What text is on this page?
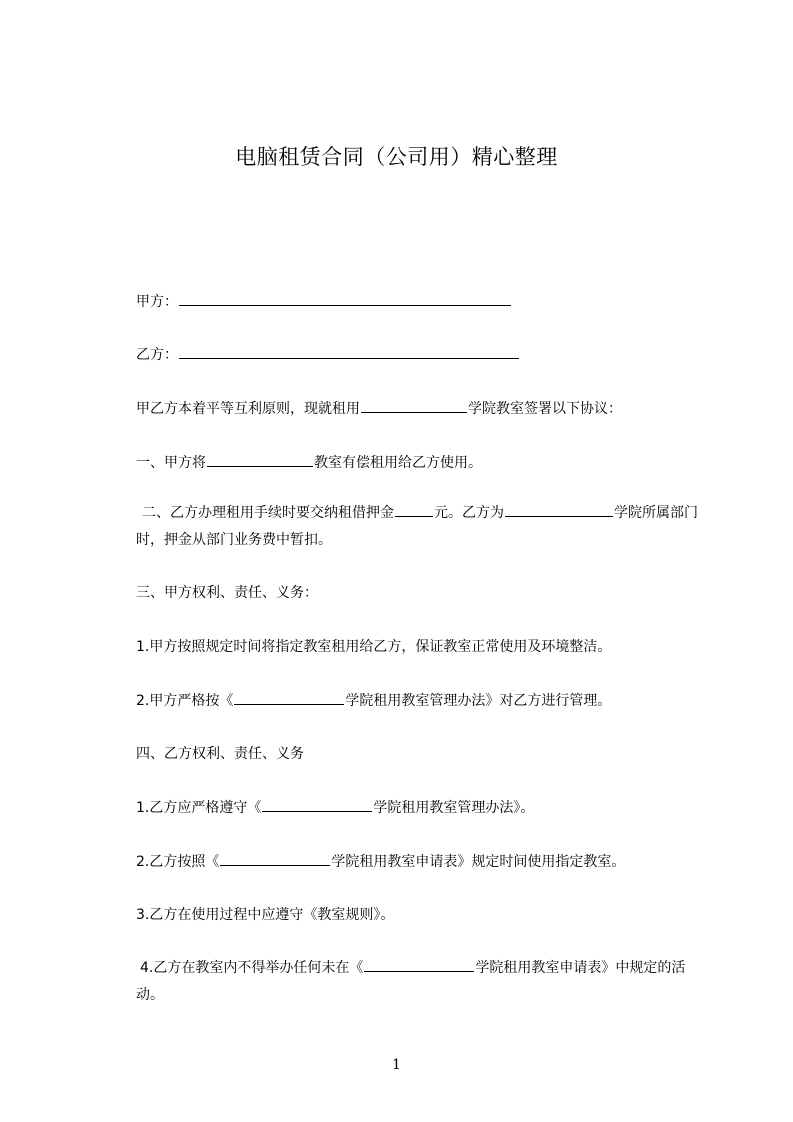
电脑租赁合同（公司用）精心整理
甲方：
乙方：
甲乙方本着平等互利原则，现就租用	学院教室签署以下协议：
一、甲方将	教室有偿租用给乙方使用。
二、乙方办理租用手续时要交纳租借押金	元。乙方为	学院所属部门时，押金从部门业务费中暂扣。
三、甲方权利、责任、义务：
1.甲方按照规定时间将指定教室租用给乙方，保证教室正常使用及环境整洁。
2.甲方严格按《	学院租用教室管理办法》对乙方进行管理。
四、乙方权利、责任、义务
1.乙方应严格遵守《	学院租用教室管理办法》。
2.乙方按照《	学院租用教室申请表》规定时间使用指定教室。
3.乙方在使用过程中应遵守《教室规则》。
4.乙方在教室内不得举办任何未在《	学院租用教室申请表》中规定的活动。
1
